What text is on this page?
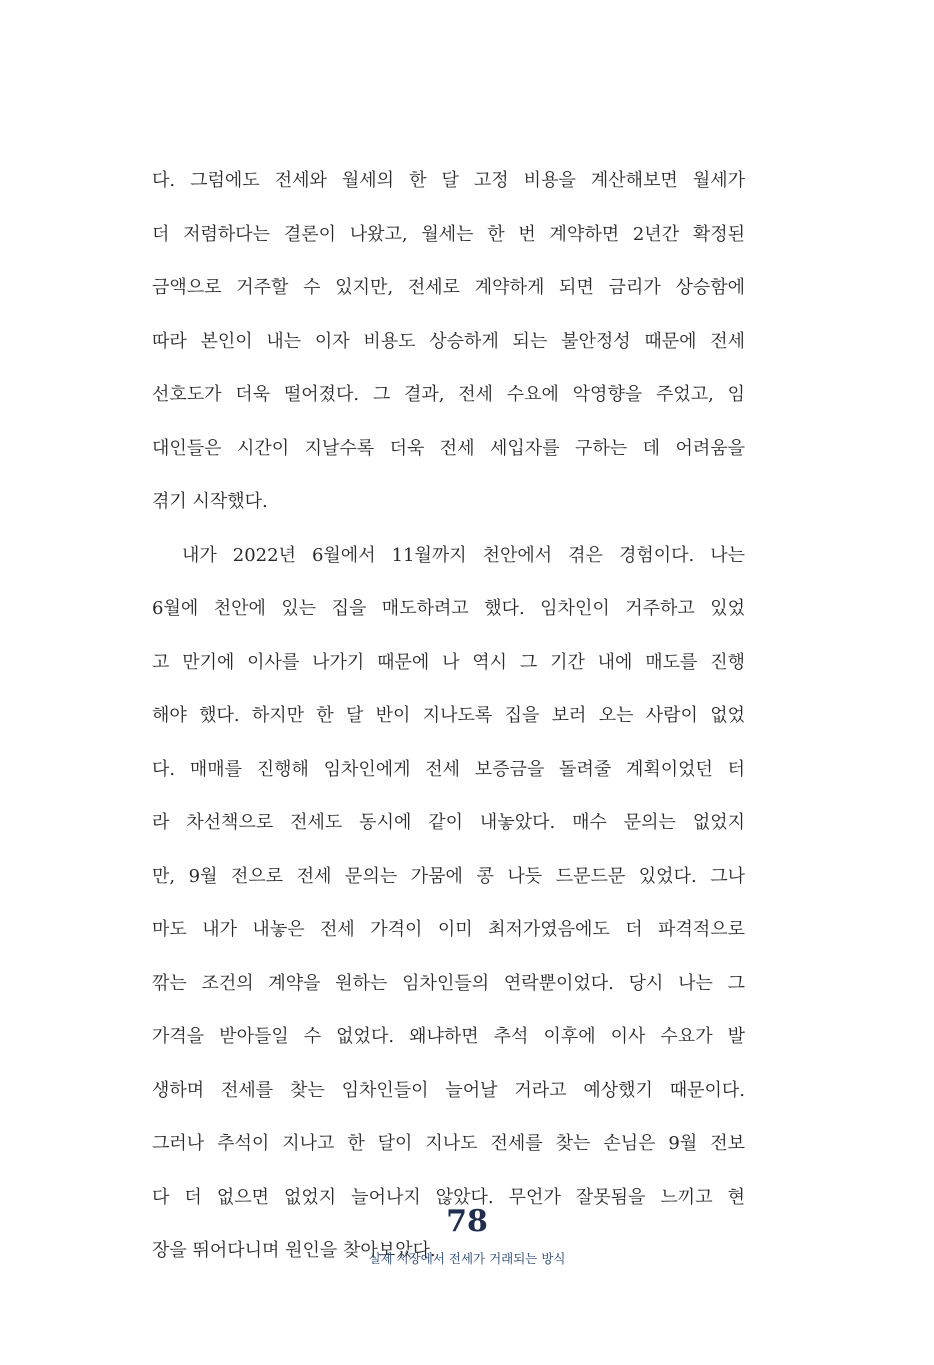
다. 그럼에도 전세와 월세의 한 달 고정 비용을 계산해보면 월세가
더 저렴하다는 결론이 나왔고, 월세는 한 번 계약하면 2년간 확정된
금액으로 거주할 수 있지만, 전세로 계약하게 되면 금리가 상승함에
따라 본인이 내는 이자 비용도 상승하게 되는 불안정성 때문에 전세
선호도가 더욱 떨어졌다. 그 결과, 전세 수요에 악영향을 주었고, 임
대인들은 시간이 지날수록 더욱 전세 세입자를 구하는 데 어려움을
겪기 시작했다.
내가 2022년 6월에서 11월까지 천안에서 겪은 경험이다. 나는
6월에 천안에 있는 집을 매도하려고 했다. 임차인이 거주하고 있었
고 만기에 이사를 나가기 때문에 나 역시 그 기간 내에 매도를 진행
해야 했다. 하지만 한 달 반이 지나도록 집을 보러 오는 사람이 없었
다. 매매를 진행해 임차인에게 전세 보증금을 돌려줄 계획이었던 터
라 차선책으로 전세도 동시에 같이 내놓았다. 매수 문의는 없었지
만, 9월 전으로 전세 문의는 가뭄에 콩 나듯 드문드문 있었다. 그나
마도 내가 내놓은 전세 가격이 이미 최저가였음에도 더 파격적으로
깎는 조건의 계약을 원하는 임차인들의 연락뿐이었다. 당시 나는 그
가격을 받아들일 수 없었다. 왜냐하면 추석 이후에 이사 수요가 발
생하며 전세를 찾는 임차인들이 늘어날 거라고 예상했기 때문이다.
그러나 추석이 지나고 한 달이 지나도 전세를 찾는 손님은 9월 전보
다 더 없으면 없었지 늘어나지 않았다. 무언가 잘못됨을 느끼고 현
장을 뛰어다니며 원인을 찾아보았다.
78
실제 시장에서 전세가 거래되는 방식
